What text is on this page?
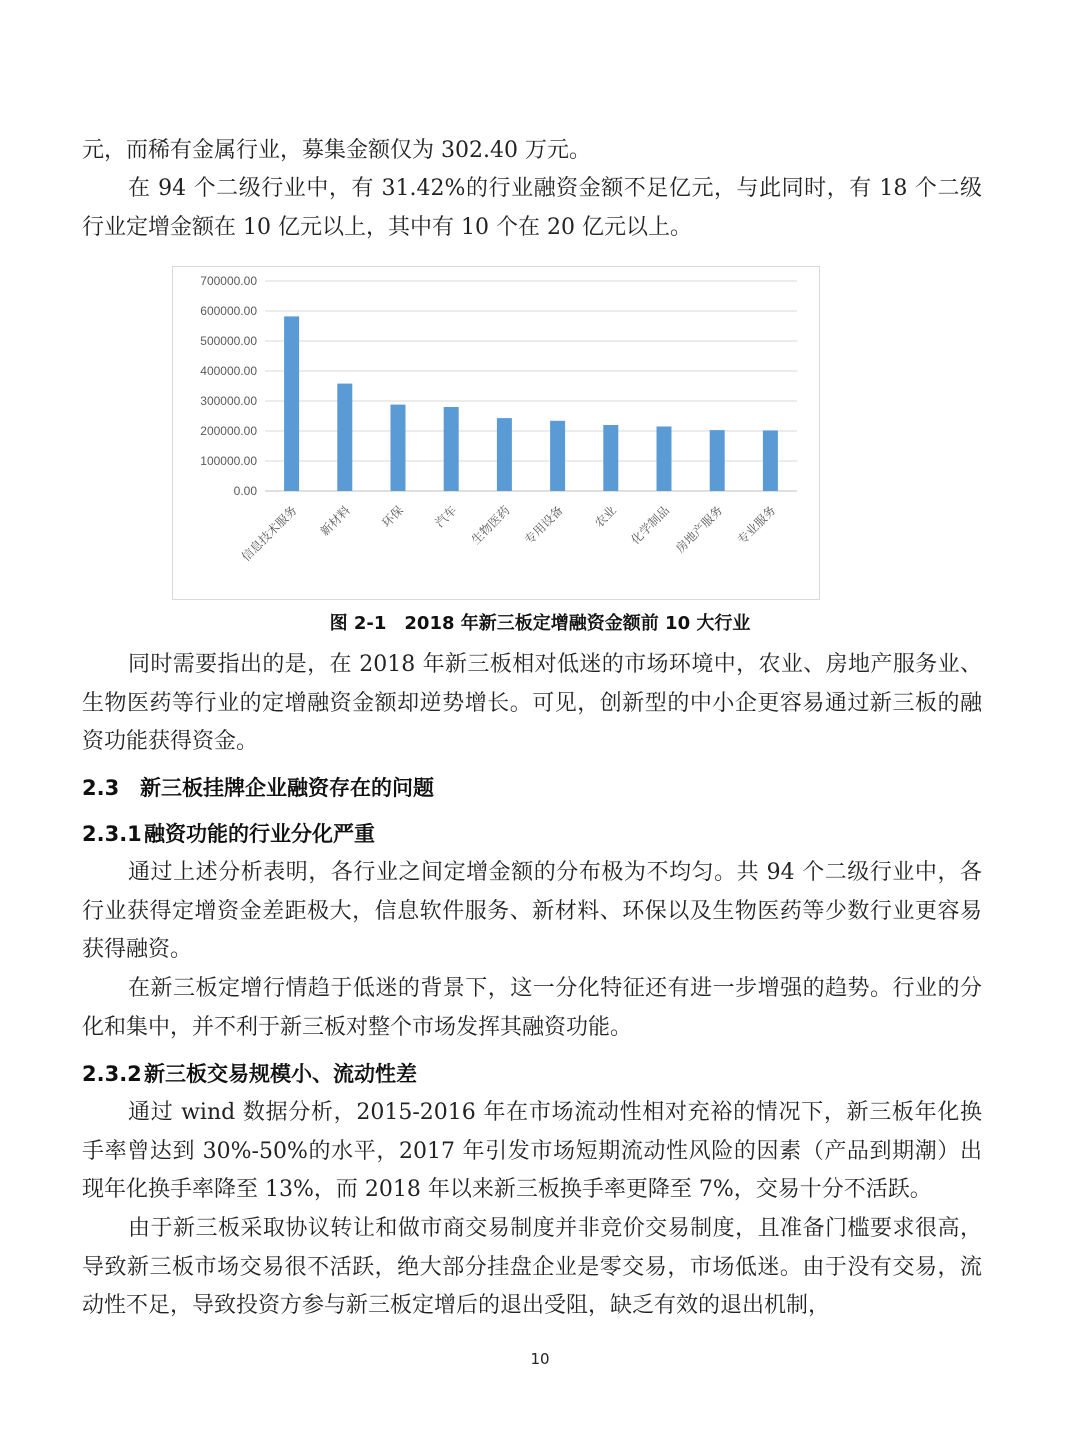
元，而稀有金属行业，募集金额仅为 302.40 万元。

在 94 个二级行业中，有 31.42%的行业融资金额不足亿元，与此同时，有 18 个二级行业定增金额在 10 亿元以上，其中有 10 个在 20 亿元以上。

0.00
100000.00
200000.00
300000.00
400000.00
500000.00
600000.00
700000.00
信息技术服务 新材料 环保 汽车 生物医药 专用设备 农业 化学制品 房地产服务 专业服务

图 2-1　2018 年新三板定增融资金额前 10 大行业

同时需要指出的是，在 2018 年新三板相对低迷的市场环境中，农业、房地产服务业、生物医药等行业的定增融资金额却逆势增长。可见，创新型的中小企更容易通过新三板的融资功能获得资金。

2.3 新三板挂牌企业融资存在的问题

2.3.1 融资功能的行业分化严重

通过上述分析表明，各行业之间定增金额的分布极为不均匀。共 94 个二级行业中，各行业获得定增资金差距极大，信息软件服务、新材料、环保以及生物医药等少数行业更容易获得融资。

在新三板定增行情趋于低迷的背景下，这一分化特征还有进一步增强的趋势。行业的分化和集中，并不利于新三板对整个市场发挥其融资功能。

2.3.2 新三板交易规模小、流动性差

通过 wind 数据分析，2015-2016 年在市场流动性相对充裕的情况下，新三板年化换手率曾达到 30%-50%的水平，2017 年引发市场短期流动性风险的因素（产品到期潮）出现年化换手率降至 13%，而 2018 年以来新三板换手率更降至 7%，交易十分不活跃。

由于新三板采取协议转让和做市商交易制度并非竞价交易制度，且准备门槛要求很高，导致新三板市场交易很不活跃，绝大部分挂盘企业是零交易，市场低迷。由于没有交易，流动性不足，导致投资方参与新三板定增后的退出受阻，缺乏有效的退出机制，

10
